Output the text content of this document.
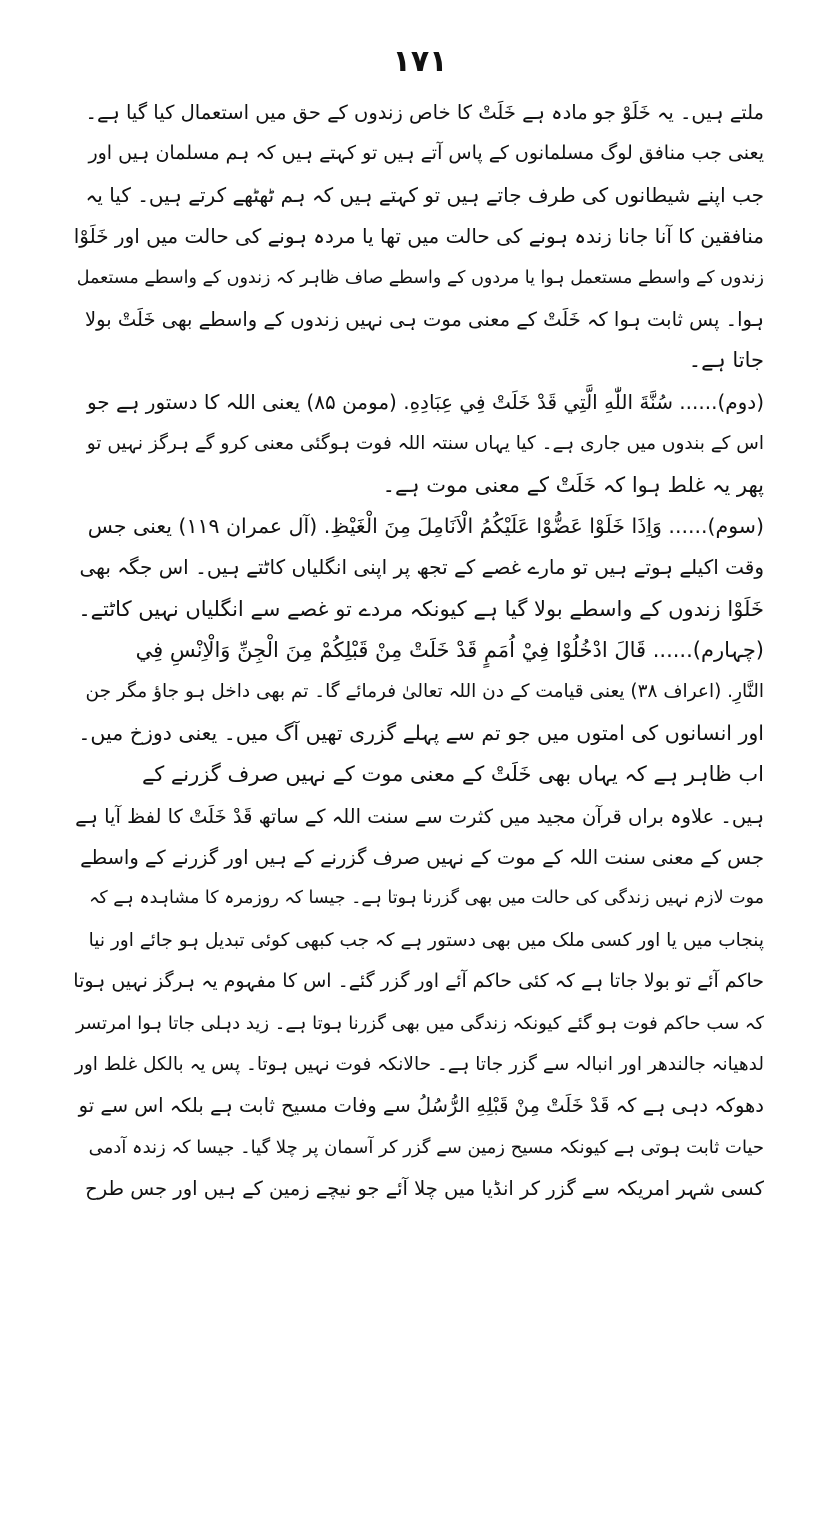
۱۷۱
ملتے ہیں۔ یہ خَلَوْ جو مادہ ہے خَلَتْ کا خاص زندوں کے حق میں استعمال کیا گیا ہے۔
یعنی جب منافق لوگ مسلمانوں کے پاس آتے ہیں تو کہتے ہیں کہ ہم مسلمان ہیں اور
جب اپنے شیطانوں کی طرف جاتے ہیں تو کہتے ہیں کہ ہم ٹھٹھے کرتے ہیں۔ کیا یہ
منافقین کا آنا جانا زندہ ہونے کی حالت میں تھا یا مردہ ہونے کی حالت میں اور خَلَوْا
زندوں کے واسطے مستعمل ہوا یا مردوں کے واسطے صاف ظاہر کہ زندوں کے واسطے مستعمل
ہوا۔ پس ثابت ہوا کہ خَلَتْ کے معنی موت ہی نہیں زندوں کے واسطے بھی خَلَتْ بولا
جاتا ہے۔
(دوم)...... سُنَّةَ اللّٰهِ الَّتِي قَدْ خَلَتْ فِي عِبَادِهِ. (مومن ۸۵) یعنی اللہ کا دستور ہے جو
اس کے بندوں میں جاری ہے۔ کیا یہاں سنتہ اللہ فوت ہوگئی معنی کرو گے ہرگز نہیں تو
پھر یہ غلط ہوا کہ خَلَتْ کے معنی موت ہے۔
(سوم)...... وَاِذَا خَلَوْا عَضُّوْا عَلَيْكُمُ الْاَنَامِلَ مِنَ الْغَيْظِ. (آل عمران ۱۱۹) یعنی جس
وقت اکیلے ہوتے ہیں تو مارے غصے کے تجھ پر اپنی انگلیاں کاٹتے ہیں۔ اس جگہ بھی
خَلَوْا زندوں کے واسطے بولا گیا ہے کیونکہ مردے تو غصے سے انگلیاں نہیں کاٹتے۔
(چہارم)...... قَالَ ادْخُلُوْا فِيْ اُمَمٍ قَدْ خَلَتْ مِنْ قَبْلِكُمْ مِنَ الْجِنِّ وَالْاِنْسِ فِي
النَّارِ. (اعراف ۳۸) یعنی قیامت کے دن اللہ تعالیٰ فرمائے گا۔ تم بھی داخل ہو جاؤ مگر جن
اور انسانوں کی امتوں میں جو تم سے پہلے گزری تھیں آگ میں۔ یعنی دوزخ میں۔
اب ظاہر ہے کہ یہاں بھی خَلَتْ کے معنی موت کے نہیں صرف گزرنے کے
ہیں۔ علاوہ براں قرآن مجید میں کثرت سے سنت اللہ کے ساتھ قَدْ خَلَتْ کا لفظ آیا ہے
جس کے معنی سنت اللہ کے موت کے نہیں صرف گزرنے کے ہیں اور گزرنے کے واسطے
موت لازم نہیں زندگی کی حالت میں بھی گزرنا ہوتا ہے۔ جیسا کہ روزمرہ کا مشاہدہ ہے کہ
پنجاب میں یا اور کسی ملک میں بھی دستور ہے کہ جب کبھی کوئی تبدیل ہو جائے اور نیا
حاکم آئے تو بولا جاتا ہے کہ کئی حاکم آئے اور گزر گئے۔ اس کا مفہوم یہ ہرگز نہیں ہوتا
کہ سب حاکم فوت ہو گئے کیونکہ زندگی میں بھی گزرنا ہوتا ہے۔ زید دہلی جاتا ہوا امرتسر
لدھیانہ جالندھر اور انبالہ سے گزر جاتا ہے۔ حالانکہ فوت نہیں ہوتا۔ پس یہ بالکل غلط اور
دھوکہ دہی ہے کہ قَدْ خَلَتْ مِنْ قَبْلِهِ الرُّسُلُ سے وفات مسیح ثابت ہے بلکہ اس سے تو
حیات ثابت ہوتی ہے کیونکہ مسیح زمین سے گزر کر آسمان پر چلا گیا۔ جیسا کہ زندہ آدمی
کسی شہر امریکہ سے گزر کر انڈیا میں چلا آئے جو نیچے زمین کے ہیں اور جس طرح
